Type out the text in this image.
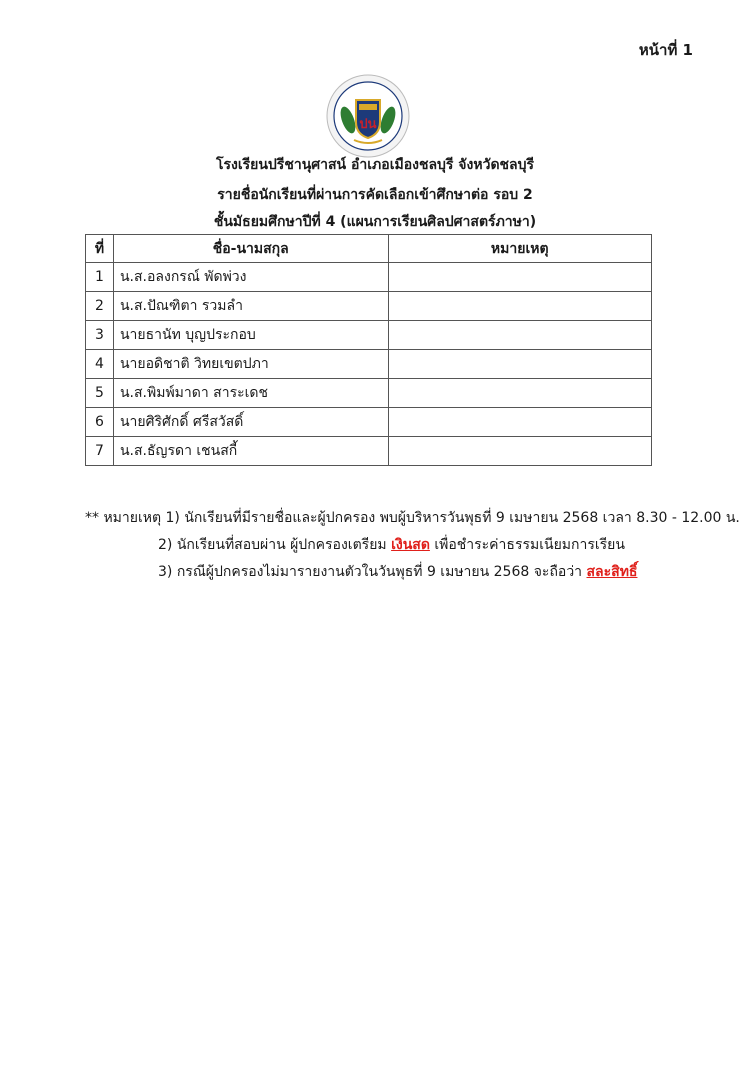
หน้าที่ 1
ปน
โรงเรียนปรีชานุศาสน์ อำเภอเมืองชลบุรี จังหวัดชลบุรี
รายชื่อนักเรียนที่ผ่านการคัดเลือกเข้าศึกษาต่อ รอบ 2
ชั้นมัธยมศึกษาปีที่ 4 (แผนการเรียนศิลปศาสตร์ภาษา)
ที่	ชื่อ-นามสกุล	หมายเหตุ
1	น.ส.อลงกรณ์ พัดพ่วง	
2	น.ส.ปัณฑิตา รวมลำ	
3	นายธานัท บุญประกอบ	
4	นายอดิชาติ วิทยเขตปภา	
5	น.ส.พิมพ์มาดา สาระเดช	
6	นายศิริศักดิ์ ศรีสวัสดิ์	
7	น.ส.ธัญรดา เชนสกี้	
** หมายเหตุ 1) นักเรียนที่มีรายชื่อและผู้ปกครอง พบผู้บริหารวันพุธที่ 9 เมษายน 2568 เวลา 8.30 - 12.00 น.
2) นักเรียนที่สอบผ่าน ผู้ปกครองเตรียม เงินสด เพื่อชำระค่าธรรมเนียมการเรียน
3) กรณีผู้ปกครองไม่มารายงานตัวในวันพุธที่ 9 เมษายน 2568 จะถือว่า สละสิทธิ์
